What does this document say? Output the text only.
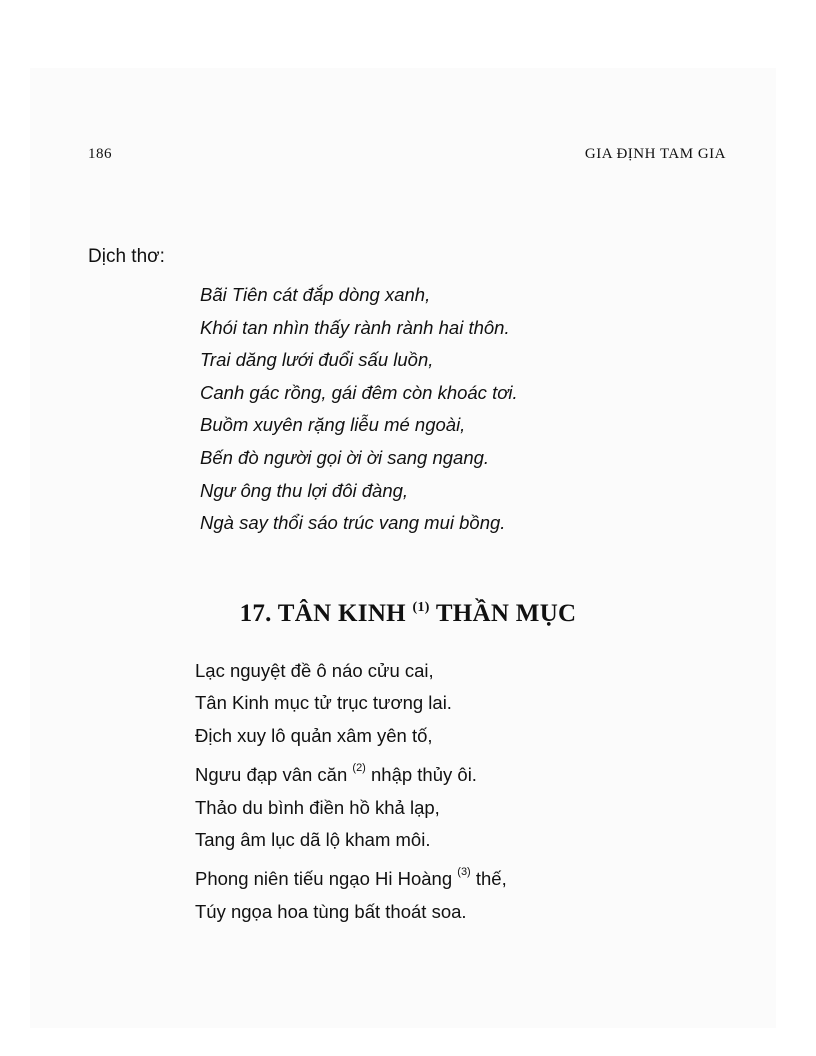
186	GIA ĐỊNH TAM GIA
Dịch thơ:
Bãi Tiên cát đắp dòng xanh,
Khói tan nhìn thấy rành rành hai thôn.
Trai dăng lưới đuổi sấu luồn,
Canh gác rồng, gái đêm còn khoác tơi.
Buồm xuyên rặng liễu mé ngoài,
Bến đò người gọi ời ời sang ngang.
Ngư ông thu lợi đôi đàng,
Ngà say thổi sáo trúc vang mui bồng.
17. TÂN KINH $^{(1)}$ THẦN MỤC
Lạc nguyệt đề ô náo cửu cai,
Tân Kinh mục tử trục tương lai.
Địch xuy lô quản xâm yên tố,
Ngưu đạp vân căn $^{(2)}$ nhập thủy ôi.
Thảo du bình điền hồ khả lạp,
Tang âm lục dã lộ kham môi.
Phong niên tiếu ngạo Hi Hoàng $^{(3)}$ thế,
Túy ngọa hoa tùng bất thoát soa.
